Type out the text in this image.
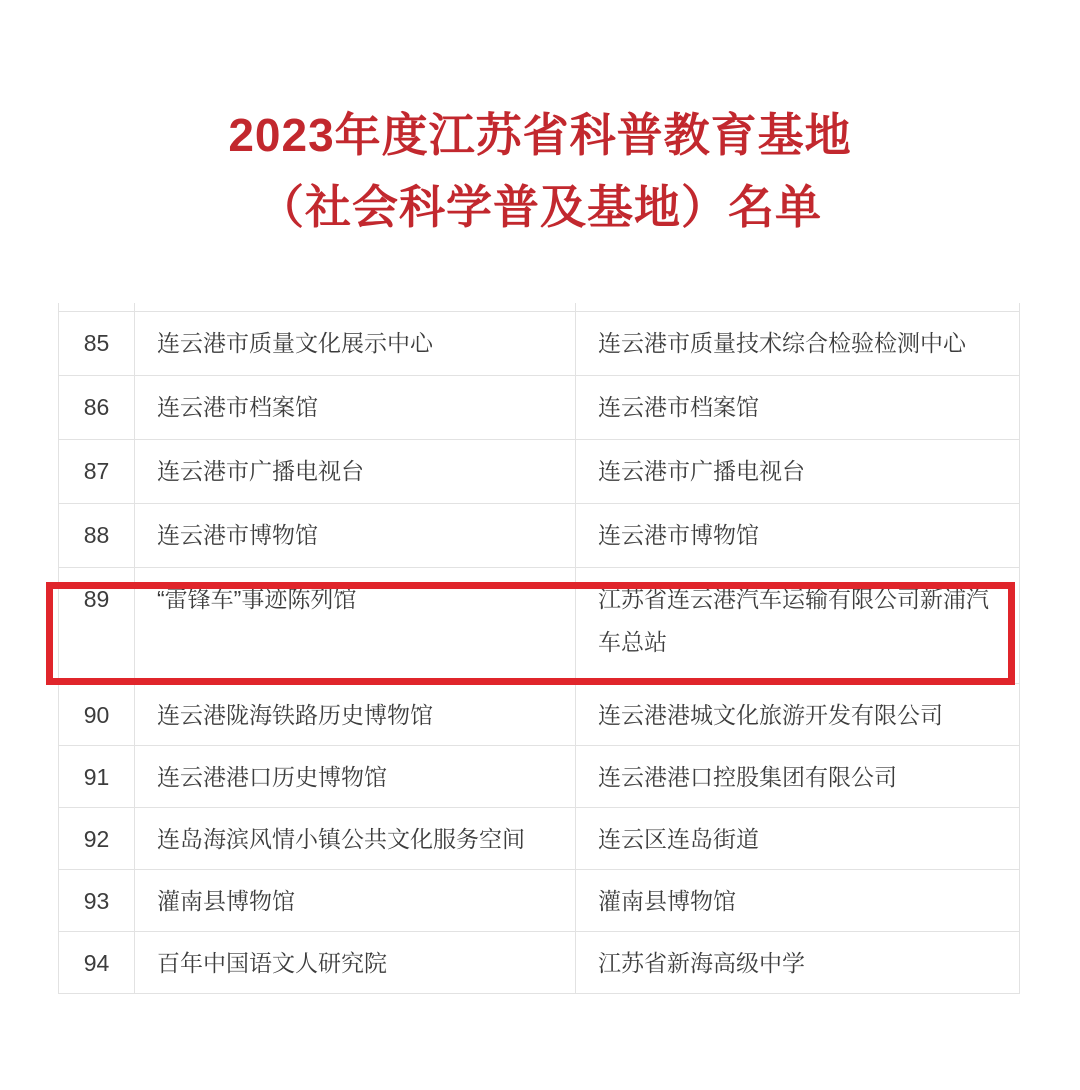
2023年度江苏省科普教育基地
（社会科学普及基地）名单
85	连云港市质量文化展示中心	连云港市质量技术综合检验检测中心
86	连云港市档案馆	连云港市档案馆
87	连云港市广播电视台	连云港市广播电视台
88	连云港市博物馆	连云港市博物馆
89	“雷锋车”事迹陈列馆	江苏省连云港汽车运输有限公司新浦汽车总站
90	连云港陇海铁路历史博物馆	连云港港城文化旅游开发有限公司
91	连云港港口历史博物馆	连云港港口控股集团有限公司
92	连岛海滨风情小镇公共文化服务空间	连云区连岛街道
93	灌南县博物馆	灌南县博物馆
94	百年中国语文人研究院	江苏省新海高级中学
